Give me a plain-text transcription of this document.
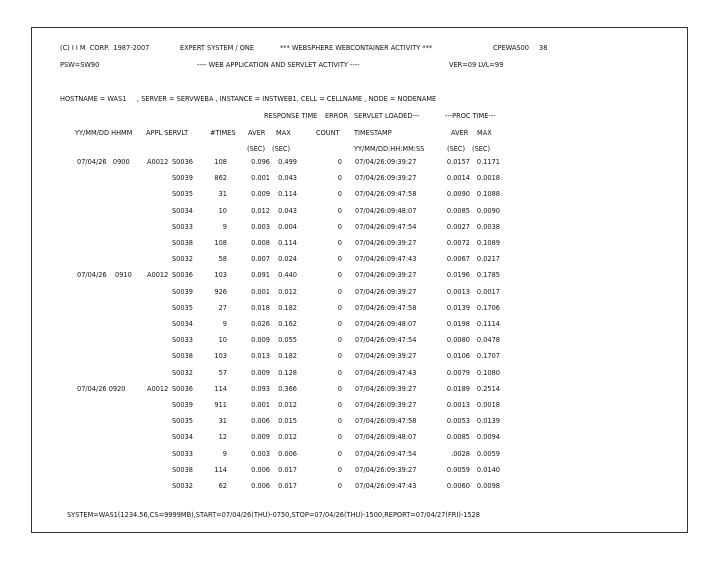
(C) I I M  CORP.  1987-2007	EXPERT SYSTEM / ONE	*** WEBSPHERE WEBCONTAINER ACTIVITY ***	CPEWAS00 38
PSW=SW90	---- WEB APPLICATION AND SERVLET ACTIVITY ----	VER=09 LVL=99
HOSTNAME = WAS1     , SERVER = SERVWEBA , INSTANCE = INSTWEB1, CELL = CELLNAME , NODE = NODENAME
RESPONSE TIME ERROR SERVLET LOADED---	---PROC TIME---
YY/MM/DD HHMM APPL SERVLT	#TIMES AVER MAX	COUNT TIMESTAMP	AVER MAX
(SEC) (SEC)	YY/MM/DD:HH:MM:SS	(SEC) (SEC)
07/04/26   0900	A0012 S0036	108	0.096	0.499	0 07/04/26:09:39:27	0.0157	0.1171
S0039	862	0.001	0.043	0 07/04/26:09:39:27	0.0014	0.0018
S0035	31	0.009	0.114	0 07/04/26:09:47:58	0.0090	0.1088
S0034	10	0.012	0.043	0 07/04/26:09:48:07	0.0085	0.0090
S0033	9	0.003	0.004	0 07/04/26:09:47:54	0.0027	0.0038
S0038	108	0.008	0.114	0 07/04/26:09:39:27	0.0072	0.1089
S0032	58	0.007	0.024	0 07/04/26:09:47:43	0.0067	0.0217
07/04/26    0910	A0012 S0036	103	0.091	0.440	0 07/04/26:09:39:27	0.0196	0.1785
S0039	926	0.001	0.012	0 07/04/26:09:39:27	0.0013	0.0017
S0035	27	0.018	0.182	0 07/04/26:09:47:58	0.0139	0.1706
S0034	9	0.026	0.162	0 07/04/26:09:48:07	0.0198	0.1114
S0033	10	0.009	0.055	0 07/04/26:09:47:54	0.0080	0.0478
S0038	103	0.013	0.182	0 07/04/26:09:39:27	0.0106	0.1707
S0032	57	0.009	0.128	0 07/04/26:09:47:43	0.0079	0.1080
07/04/26 0920	A0012 S0036	114	0.093	0.366	0 07/04/26:09:39:27	0.0189	0.2514
S0039	911	0.001	0.012	0 07/04/26:09:39:27	0.0013	0.0018
S0035	31	0.006	0.015	0 07/04/26:09:47:58	0.0053	0.0139
S0034	12	0.009	0.012	0 07/04/26:09:48:07	0.0085	0.0094
S0033	9	0.003	0.006	0 07/04/26:09:47:54	.0028	0.0059
S0038	114	0.006	0.017	0 07/04/26:09:39:27	0.0059	0.0140
S0032	62	0.006	0.017	0 07/04/26:09:47:43	0.0060	0.0098
SYSTEM=WAS1(1234.56,CS=9999MB),START=07/04/26(THU)-0750,STOP=07/04/26(THU)-1500,REPORT=07/04/27(FRI)-1528
